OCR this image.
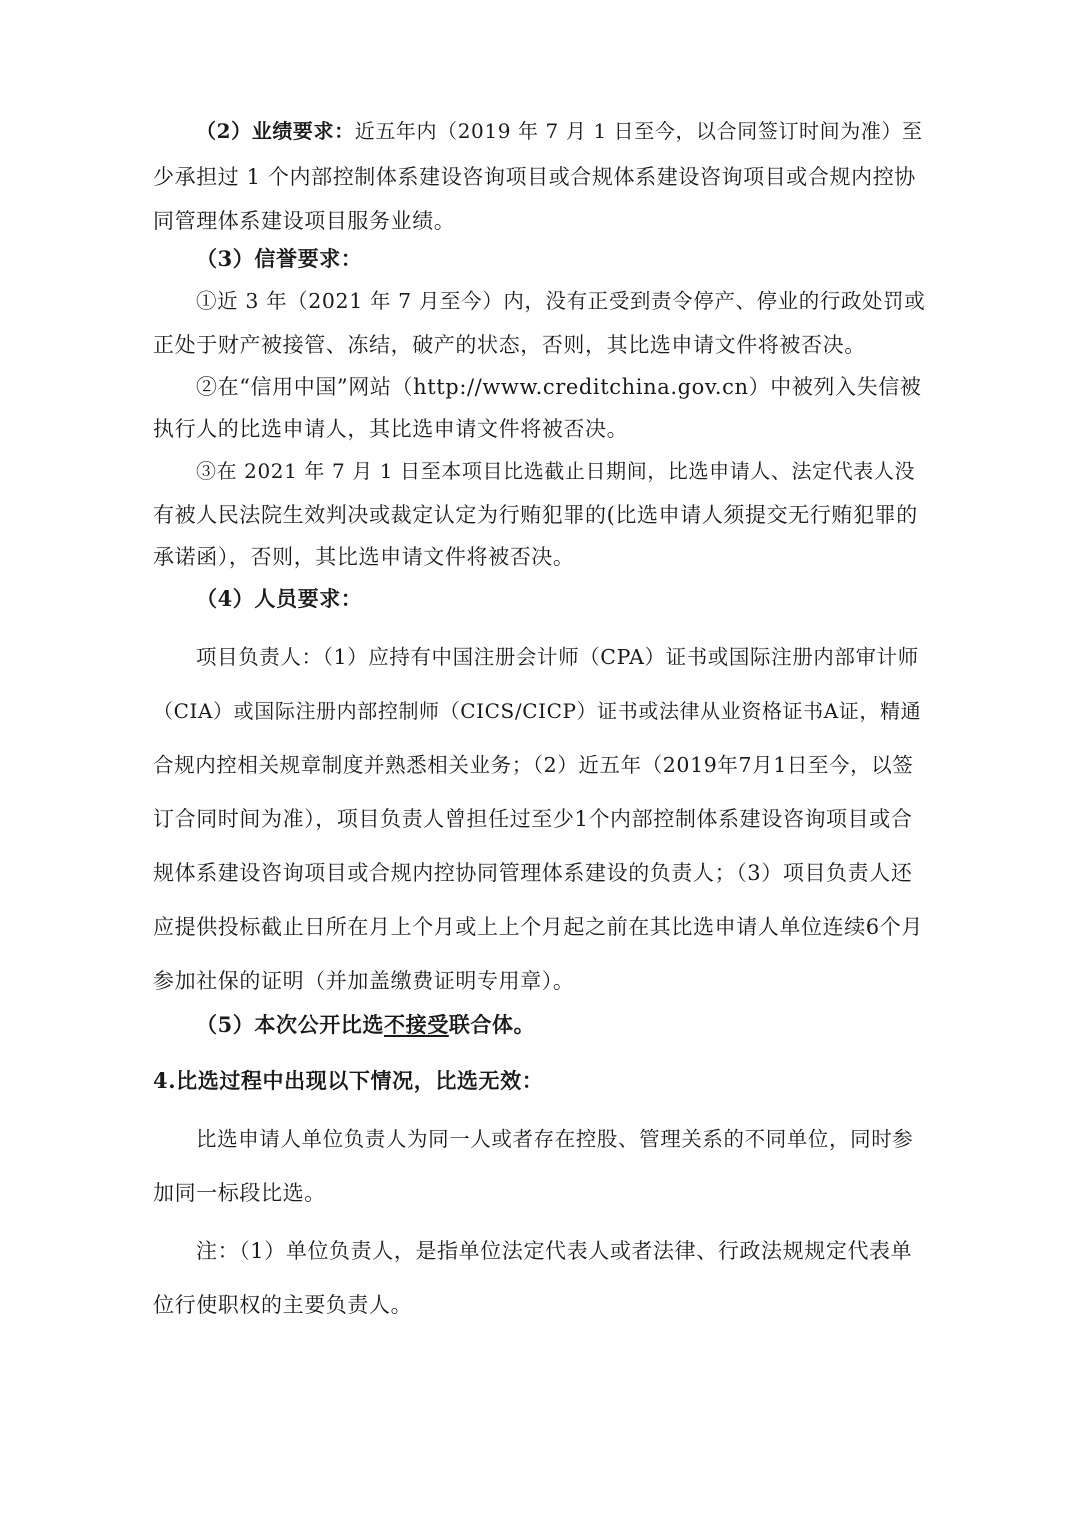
（2）业绩要求：近五年内（2019 年 7 月 1 日至今，以合同签订时间为准）至
少承担过 1 个内部控制体系建设咨询项目或合规体系建设咨询项目或合规内控协
同管理体系建设项目服务业绩。
（3）信誉要求：
①近 3 年（2021 年 7 月至今）内，没有正受到责令停产、停业的行政处罚或
正处于财产被接管、冻结，破产的状态，否则，其比选申请文件将被否决。
②在“信用中国”网站（http://www.creditchina.gov.cn）中被列入失信被
执行人的比选申请人，其比选申请文件将被否决。
③在 2021 年 7 月 1 日至本项目比选截止日期间，比选申请人、法定代表人没
有被人民法院生效判决或裁定认定为行贿犯罪的(比选申请人须提交无行贿犯罪的
承诺函），否则，其比选申请文件将被否决。
（4）人员要求：
项目负责人：（1）应持有中国注册会计师（CPA）证书或国际注册内部审计师
（CIA）或国际注册内部控制师（CICS/CICP）证书或法律从业资格证书A证，精通
合规内控相关规章制度并熟悉相关业务；（2）近五年（2019年7月1日至今，以签
订合同时间为准），项目负责人曾担任过至少1个内部控制体系建设咨询项目或合
规体系建设咨询项目或合规内控协同管理体系建设的负责人；（3）项目负责人还
应提供投标截止日所在月上个月或上上个月起之前在其比选申请人单位连续6个月
参加社保的证明（并加盖缴费证明专用章）。
（5）本次公开比选不接受联合体。
4.比选过程中出现以下情况，比选无效：
比选申请人单位负责人为同一人或者存在控股、管理关系的不同单位，同时参
加同一标段比选。
注：（1）单位负责人，是指单位法定代表人或者法律、行政法规规定代表单
位行使职权的主要负责人。
